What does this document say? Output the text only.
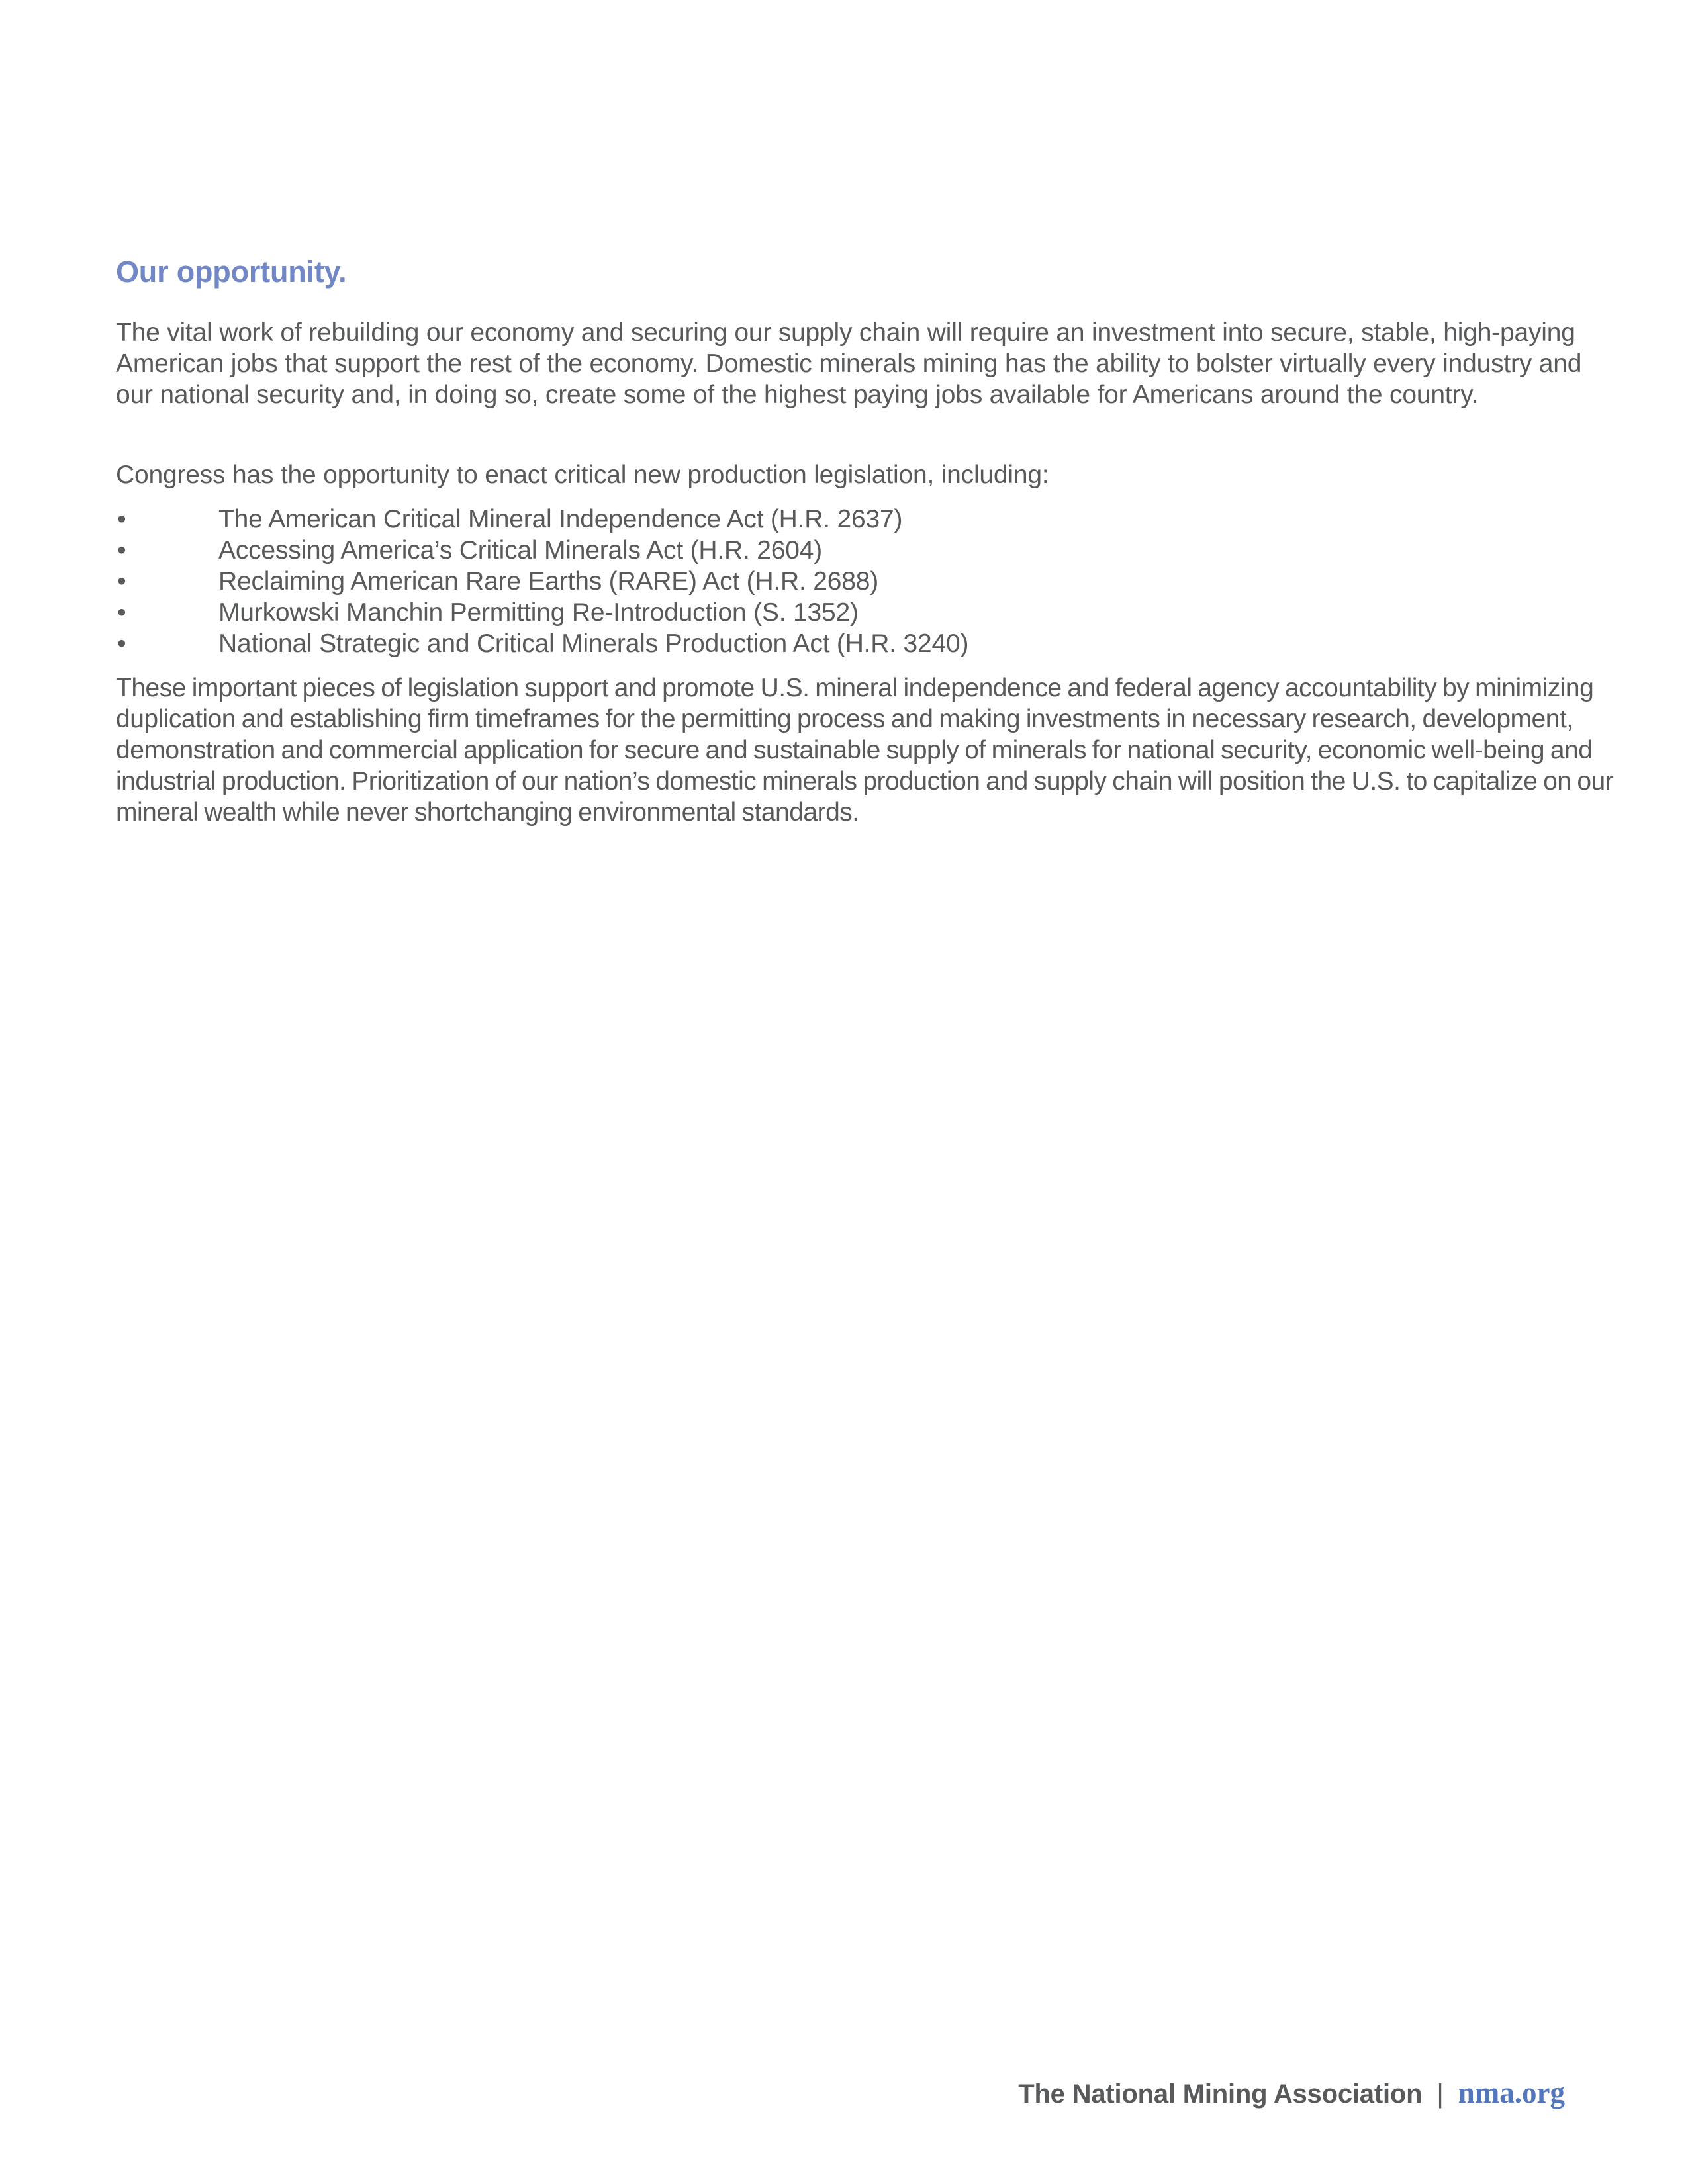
Our opportunity.
The vital work of rebuilding our economy and securing our supply chain will require an investment into secure, stable, high-paying American jobs that support the rest of the economy. Domestic minerals mining has the ability to bolster virtually every industry and our national security and, in doing so, create some of the highest paying jobs available for Americans around the country.
Congress has the opportunity to enact critical new production legislation, including:
•	The American Critical Mineral Independence Act (H.R. 2637)
•	Accessing America’s Critical Minerals Act (H.R. 2604)
•	Reclaiming American Rare Earths (RARE) Act (H.R. 2688)
•	Murkowski Manchin Permitting Re-Introduction (S. 1352)
•	National Strategic and Critical Minerals Production Act (H.R. 3240)
These important pieces of legislation support and promote U.S. mineral independence and federal agency accountability by minimizing duplication and establishing firm timeframes for the permitting process and making investments in necessary research, development, demonstration and commercial application for secure and sustainable supply of minerals for national security, economic well-being and industrial production. Prioritization of our nation’s domestic minerals production and supply chain will position the U.S. to capitalize on our mineral wealth while never shortchanging environmental standards.
The National Mining Association | nma.org
